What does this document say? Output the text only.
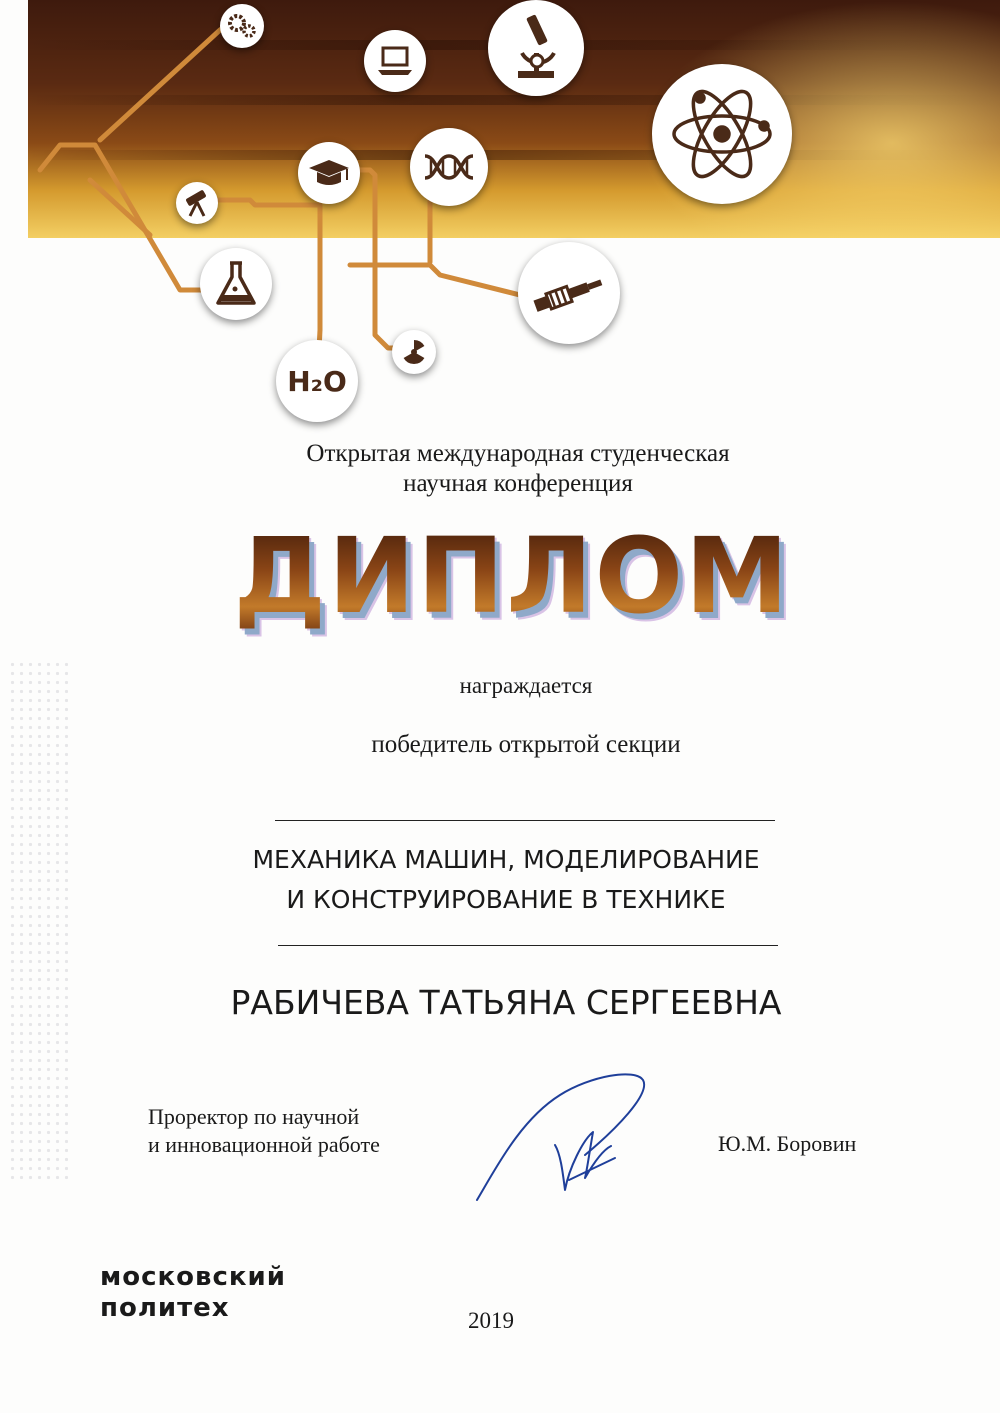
H₂O
Открытая международная студенческая
научная конференция
ДИПЛОМ
награждается
победитель открытой секции
МЕХАНИКА МАШИН, МОДЕЛИРОВАНИЕ
И КОНСТРУИРОВАНИЕ В ТЕХНИКЕ
РАБИЧЕВА ТАТЬЯНА СЕРГЕЕВНА
Проректор по научной
и инновационной работе	Ю.М. Боровин
московский
политех	2019
